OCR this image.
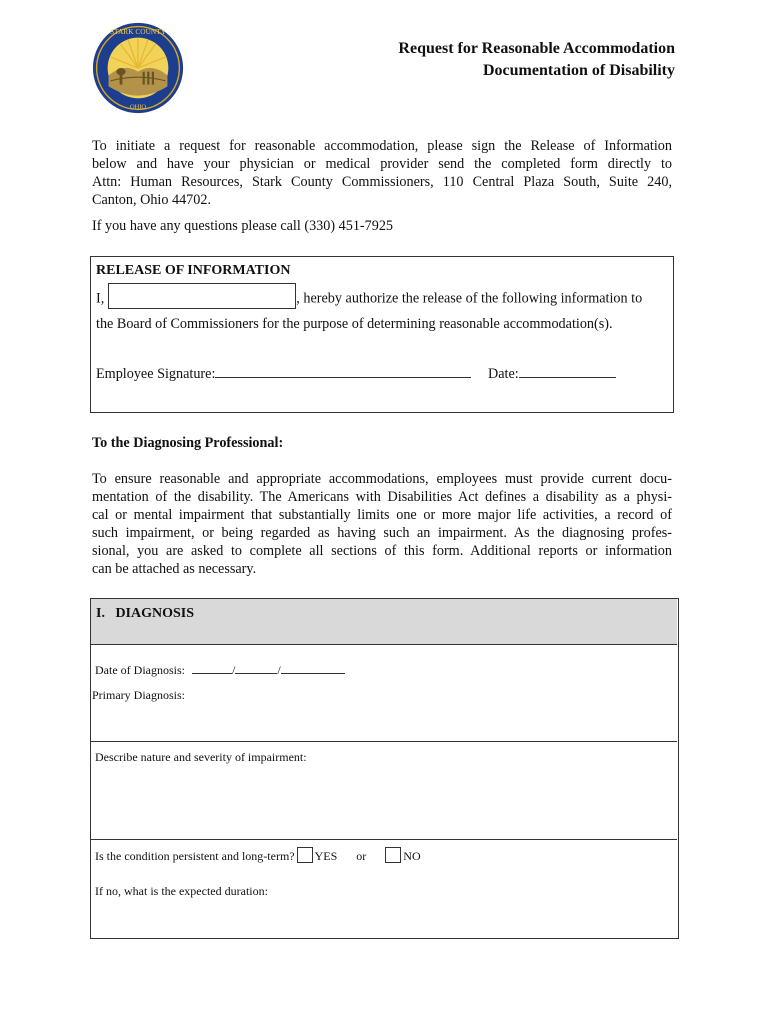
STARK COUNTY
OHIO
Request for Reasonable Accommodation
Documentation of Disability
To initiate a request for reasonable accommodation, please sign the Release of Information
below and have your physician or medical provider send the completed form directly to
Attn: Human Resources, Stark County Commissioners, 110 Central Plaza South, Suite 240,
Canton, Ohio 44702.
If you have any questions please call (330) 451-7925
RELEASE OF INFORMATION
I,	, hereby authorize the release of the following information to
the Board of Commissioners for the purpose of determining reasonable accommodation(s).
Employee Signature:	Date:
To the Diagnosing Professional:
To ensure reasonable and appropriate accommodations, employees must provide current docu-
mentation of the disability. The Americans with Disabilities Act defines a disability as a physi-
cal or mental impairment that substantially limits one or more major life activities, a record of
such impairment, or being regarded as having such an impairment. As the diagnosing profes-
sional, you are asked to complete all sections of this form. Additional reports or information
can be attached as necessary.
I.   DIAGNOSIS
Date of Diagnosis:	/	/
Primary Diagnosis:
Describe nature and severity of impairment:
Is the condition persistent and long-term? YES or	NO
If no, what is the expected duration:
